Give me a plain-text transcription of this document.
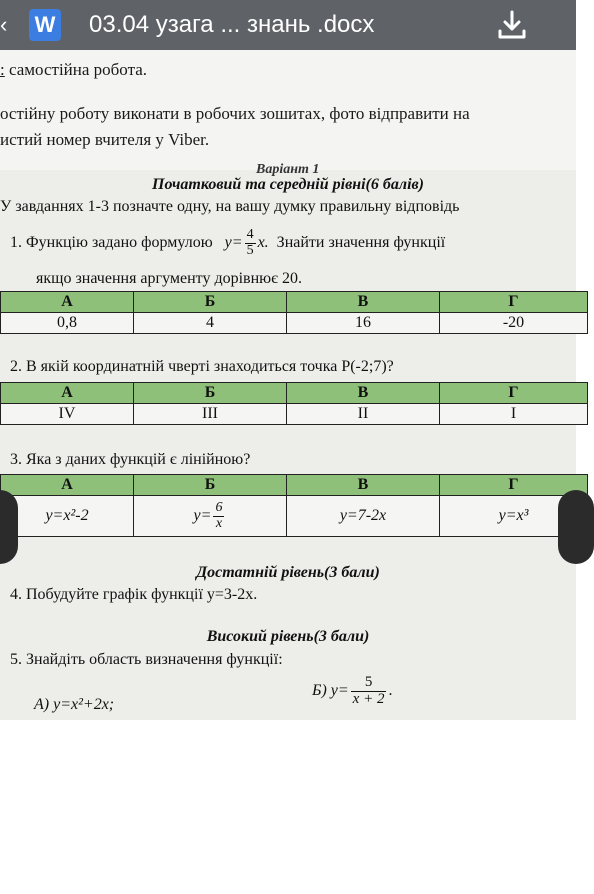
‹ W 03.04 узага ... знань .docx
: самостійна робота.
остійну роботу виконати в робочих зошитах, фото відправити на
истий номер вчителя у Viber.
Варіант 1
Початковий та середній рівні(6 балів)
У завданнях 1-3 позначте одну, на вашу думку правильну відповідь
1. Функцію задано формулою $y= \frac{4}{5} x$. Знайти значення функції
якщо значення аргументу дорівнює 20.
А	Б	В	Г
0,8	4	16	-20
2. В якій координатній чверті знаходиться точка Р(-2;7)?
А	Б	В	Г
IV	III	II	I
3. Яка з даних функцій є лінійною?
А	Б	В	Г
y=x²-2	$y= \frac{6}{x}$	y=7-2x	y=x³
Достатній рівень(3 бали)
4. Побудуйте графік функції y=3-2x.
Високий рівень(3 бали)
5. Знайдіть область визначення функції:
А) y=x²+2x;
Б) $y= \frac{5}{x + 2}$ .
